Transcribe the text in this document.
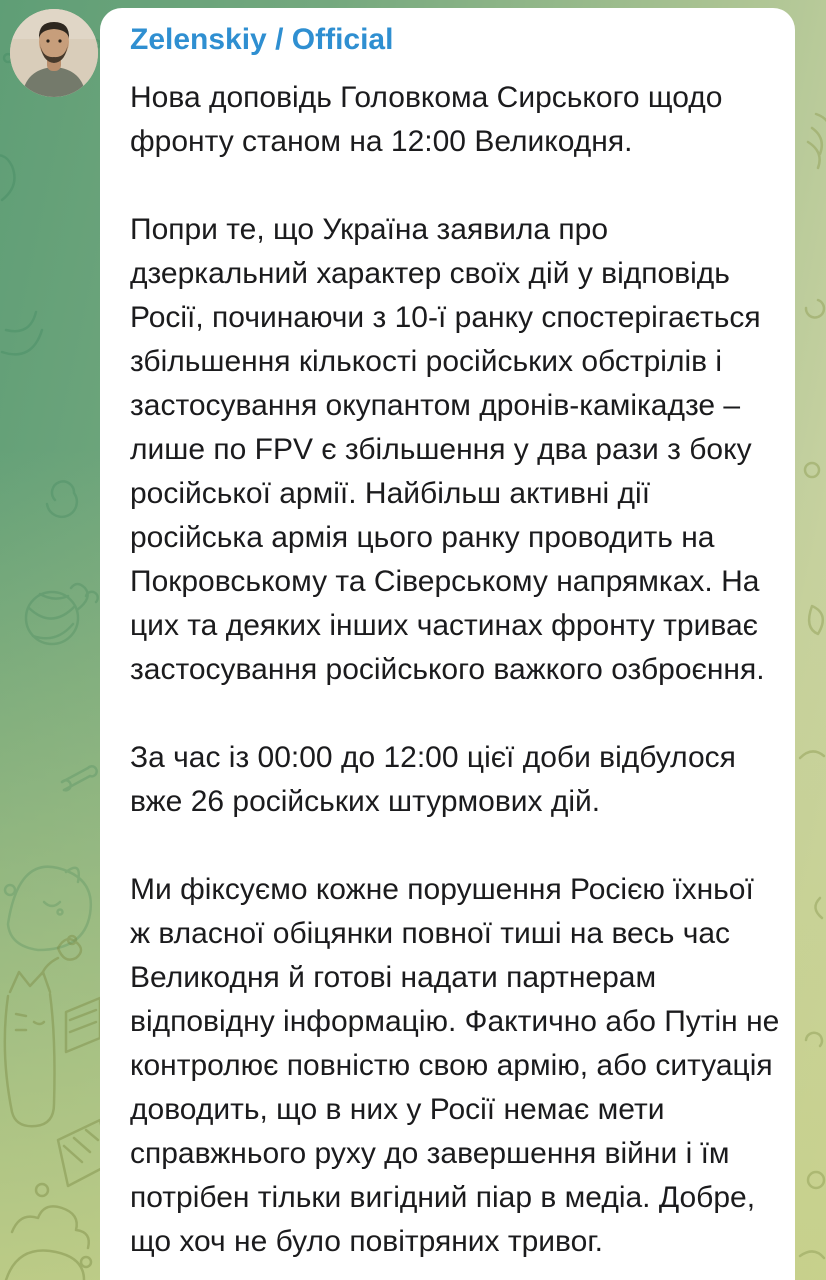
Zelenskiy / Official

Нова доповідь Головкома Сирського щодо фронту станом на 12:00 Великодня.

Попри те, що Україна заявила про дзеркальний характер своїх дій у відповідь Росії, починаючи з 10-ї ранку спостерігається збільшення кількості російських обстрілів і застосування окупантом дронів-камікадзе – лише по FPV є збільшення у два рази з боку російської армії. Найбільш активні дії російська армія цього ранку проводить на Покровському та Сіверському напрямках. На цих та деяких інших частинах фронту триває застосування російського важкого озброєння.

За час із 00:00 до 12:00 цієї доби відбулося вже 26 російських штурмових дій.

Ми фіксуємо кожне порушення Росією їхньої ж власної обіцянки повної тиші на весь час Великодня й готові надати партнерам відповідну інформацію. Фактично або Путін не контролює повністю свою армію, або ситуація доводить, що в них у Росії немає мети справжнього руху до завершення війни і їм потрібен тільки вигідний піар в медіа. Добре, що хоч не було повітряних тривог.
